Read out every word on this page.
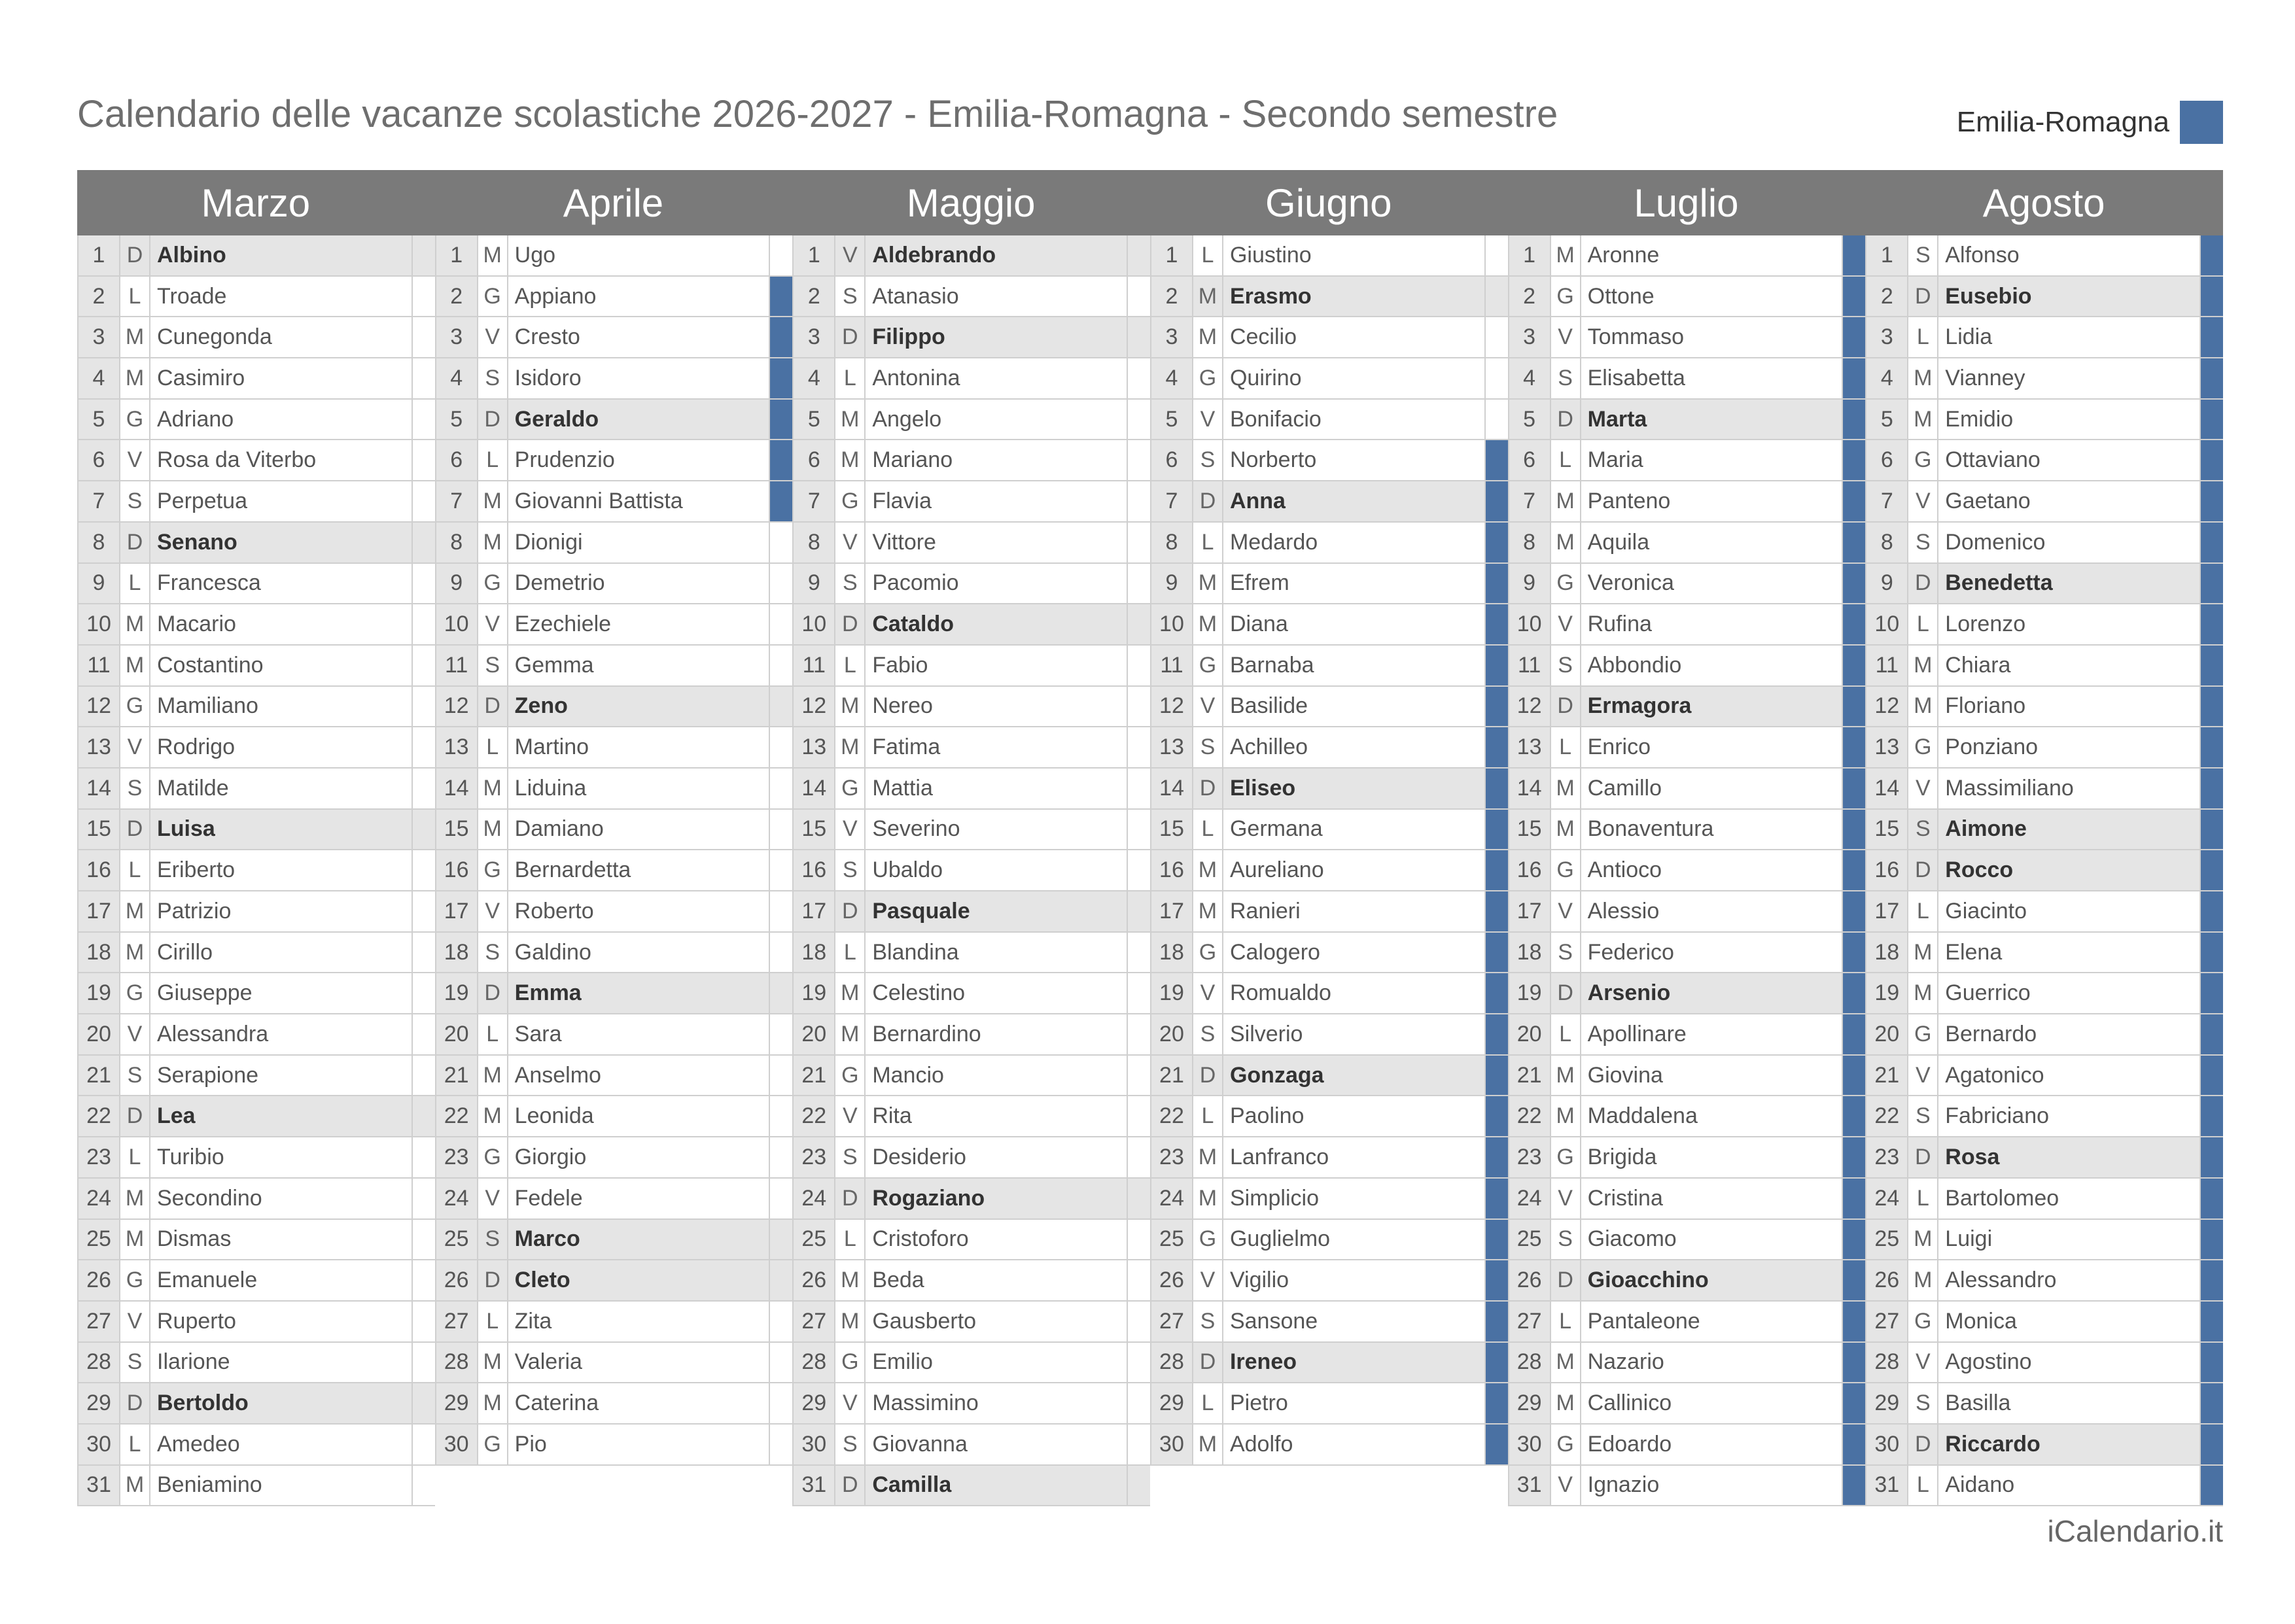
Calendario delle vacanze scolastiche 2026-2027 - Emilia-Romagna - Secondo semestre	Emilia-Romagna
Marzo
1 D Albino
2	L Troade
3 M Cunegonda
4 M Casimiro
5 G Adriano
6	V Rosa da Viterbo
7	S Perpetua
8 D Senano
9	L Francesca
10 M Macario
11 M Costantino
12 G Mamiliano
13 V Rodrigo
14 S Matilde
15 D Luisa
16 L Eriberto
17 M Patrizio
18 M Cirillo
19 G Giuseppe
20 V Alessandra
21 S Serapione
22 D Lea
23 L Turibio
24 M Secondino
25 M Dismas
26 G Emanuele
27 V Ruperto
28 S Ilarione
29 D Bertoldo
30 L Amedeo
31 M Beniamino
Aprile
1 M Ugo
2 G Appiano
3	V Cresto
4	S Isidoro
5 D Geraldo
6	L Prudenzio
7 M Giovanni Battista
8 M Dionigi
9 G Demetrio
10 V Ezechiele
11 S Gemma
12 D Zeno
13 L Martino
14 M Liduina
15 M Damiano
16 G Bernardetta
17 V Roberto
18 S Galdino
19 D Emma
20 L Sara
21 M Anselmo
22 M Leonida
23 G Giorgio
24 V Fedele
25 S Marco
26 D Cleto
27 L Zita
28 M Valeria
29 M Caterina
30 G Pio
Maggio
1	V Aldebrando
2	S Atanasio
3 D Filippo
4	L Antonina
5 M Angelo
6 M Mariano
7 G Flavia
8	V Vittore
9	S Pacomio
10 D Cataldo
11 L Fabio
12 M Nereo
13 M Fatima
14 G Mattia
15 V Severino
16 S Ubaldo
17 D Pasquale
18 L Blandina
19 M Celestino
20 M Bernardino
21 G Mancio
22 V Rita
23 S Desiderio
24 D Rogaziano
25 L Cristoforo
26 M Beda
27 M Gausberto
28 G Emilio
29 V Massimino
30 S Giovanna
31 D Camilla
Giugno
1	L Giustino
2 M Erasmo
3 M Cecilio
4 G Quirino
5	V Bonifacio
6	S Norberto
7 D Anna
8	L Medardo
9 M Efrem
10 M Diana
11 G Barnaba
12 V Basilide
13 S Achilleo
14 D Eliseo
15 L Germana
16 M Aureliano
17 M Ranieri
18 G Calogero
19 V Romualdo
20 S Silverio
21 D Gonzaga
22 L Paolino
23 M Lanfranco
24 M Simplicio
25 G Guglielmo
26 V Vigilio
27 S Sansone
28 D Ireneo
29 L Pietro
30 M Adolfo
Luglio
1 M Aronne
2 G Ottone
3	V Tommaso
4	S Elisabetta
5 D Marta
6	L Maria
7 M Panteno
8 M Aquila
9 G Veronica
10 V Rufina
11 S Abbondio
12 D Ermagora
13 L Enrico
14 M Camillo
15 M Bonaventura
16 G Antioco
17 V Alessio
18 S Federico
19 D Arsenio
20 L Apollinare
21 M Giovina
22 M Maddalena
23 G Brigida
24 V Cristina
25 S Giacomo
26 D Gioacchino
27 L Pantaleone
28 M Nazario
29 M Callinico
30 G Edoardo
31 V Ignazio
Agosto
1	S Alfonso
2 D Eusebio
3	L Lidia
4 M Vianney
5 M Emidio
6 G Ottaviano
7	V Gaetano
8	S Domenico
9 D Benedetta
10 L Lorenzo
11 M Chiara
12 M Floriano
13 G Ponziano
14 V Massimiliano
15 S Aimone
16 D Rocco
17 L Giacinto
18 M Elena
19 M Guerrico
20 G Bernardo
21 V Agatonico
22 S Fabriciano
23 D Rosa
24 L Bartolomeo
25 M Luigi
26 M Alessandro
27 G Monica
28 V Agostino
29 S Basilla
30 D Riccardo
31 L Aidano
iCalendario.it
